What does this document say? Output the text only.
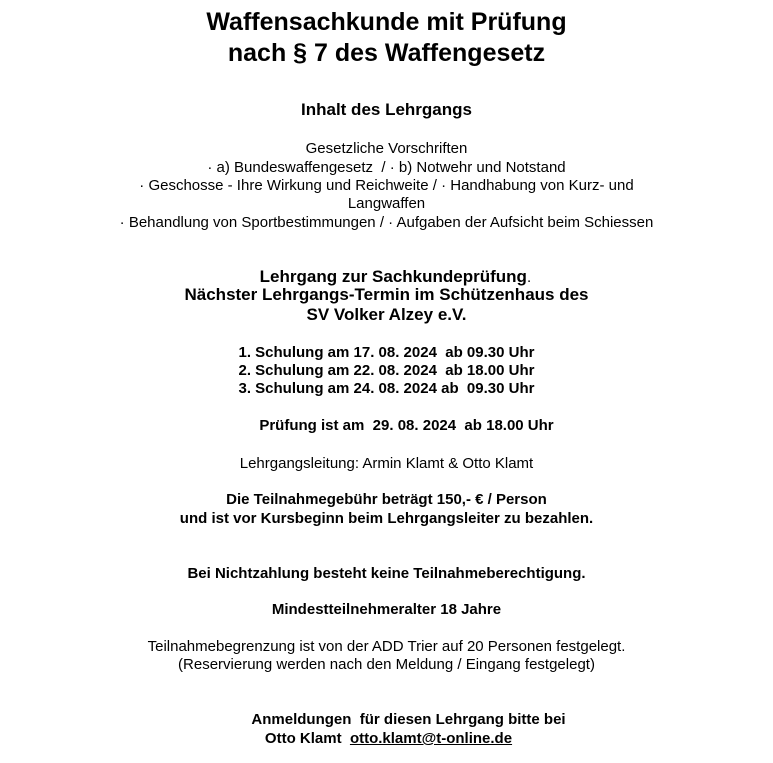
Waffensachkunde mit Prüfung
nach § 7 des Waffengesetz
Inhalt des Lehrgangs
Gesetzliche Vorschriften
· a) Bundeswaffengesetz  / · b) Notwehr und Notstand
· Geschosse - Ihre Wirkung und Reichweite / · Handhabung von Kurz- und
Langwaffen
· Behandlung von Sportbestimmungen / · Aufgaben der Aufsicht beim Schiessen

Lehrgang zur Sachkundeprüfung.

Nächster Lehrgangs-Termin im Schützenhaus des
SV Volker Alzey e.V.
1. Schulung am 17. 08. 2024  ab 09.30 Uhr
2. Schulung am 22. 08. 2024  ab 18.00 Uhr
3. Schulung am 24. 08. 2024 ab  09.30 Uhr
Prüfung ist am  29. 08. 2024  ab 18.00 Uhr
Lehrgangsleitung: Armin Klamt & Otto Klamt
Die Teilnahmegebühr beträgt 150,- € / Person
und ist vor Kursbeginn beim Lehrgangsleiter zu bezahlen.
Bei Nichtzahlung besteht keine Teilnahmeberechtigung.
Mindestteilnehmeralter 18 Jahre
Teilnahmebegrenzung ist von der ADD Trier auf 20 Personen festgelegt.
(Reservierung werden nach den Meldung / Eingang festgelegt)
Anmeldungen  für diesen Lehrgang bitte bei
Otto Klamt otto.klamt@t-online.de
